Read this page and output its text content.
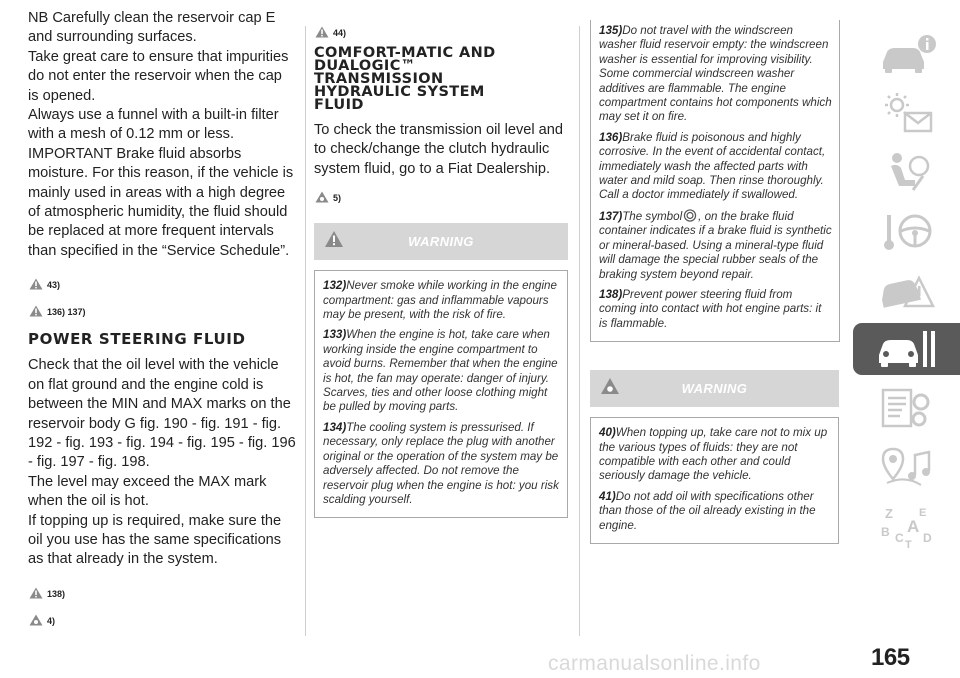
NB Carefully clean the reservoir cap E and surrounding surfaces.

Take great care to ensure that impurities do not enter the reservoir when the cap is opened.

Always use a funnel with a built-in filter with a mesh of 0.12 mm or less.

IMPORTANT Brake fluid absorbs moisture. For this reason, if the vehicle is mainly used in areas with a high degree of atmospheric humidity, the fluid should be replaced at more frequent intervals than specified in the “Service Schedule”.

43)
136) 137)
POWER STEERING FLUID

Check that the oil level with the vehicle on flat ground and the engine cold is between the MIN and MAX marks on the reservoir body G fig. 190 - fig. 191 - fig. 192 - fig. 193 - fig. 194 - fig. 195 - fig. 196 - fig. 197 - fig. 198.

The level may exceed the MAX mark when the oil is hot.

If topping up is required, make sure the oil you use has the same specifications as that already in the system.

138)
4)
44)
COMFORT-MATIC AND
DUALOGIC™
TRANSMISSION
HYDRAULIC SYSTEM
FLUID
To check the transmission oil level and to check/change the clutch hydraulic system fluid, go to a Fiat Dealership.
5)
WARNING
132)Never smoke while working in the engine compartment: gas and inflammable vapours may be present, with the risk of fire.
133)When the engine is hot, take care when working inside the engine compartment to avoid burns. Remember that when the engine is hot, the fan may operate: danger of injury. Scarves, ties and other loose clothing might be pulled by moving parts.
134)The cooling system is pressurised. If necessary, only replace the plug with another original or the operation of the system may be adversely affected. Do not remove the reservoir plug when the engine is hot: you risk scalding yourself.
135)Do not travel with the windscreen washer fluid reservoir empty: the windscreen washer is essential for improving visibility. Some commercial windscreen washer additives are flammable. The engine compartment contains hot components which may set it on fire.
136)Brake fluid is poisonous and highly corrosive. In the event of accidental contact, immediately wash the affected parts with water and mild soap. Then rinse thoroughly. Call a doctor immediately if swallowed.
137)The symbol , on the brake fluid container indicates if a brake fluid is synthetic or mineral-based. Using a mineral-type fluid will damage the special rubber seals of the braking system beyond repair.
138)Prevent power steering fluid from coming into contact with hot engine parts: it is flammable.
WARNING
40)When topping up, take care not to mix up the various types of fluids: they are not compatible with each other and could seriously damage the vehicle.
41)Do not add oil with specifications other than those of the oil already existing in the engine.
Z E
A
B C D
T
165
carmanualsonline.info
